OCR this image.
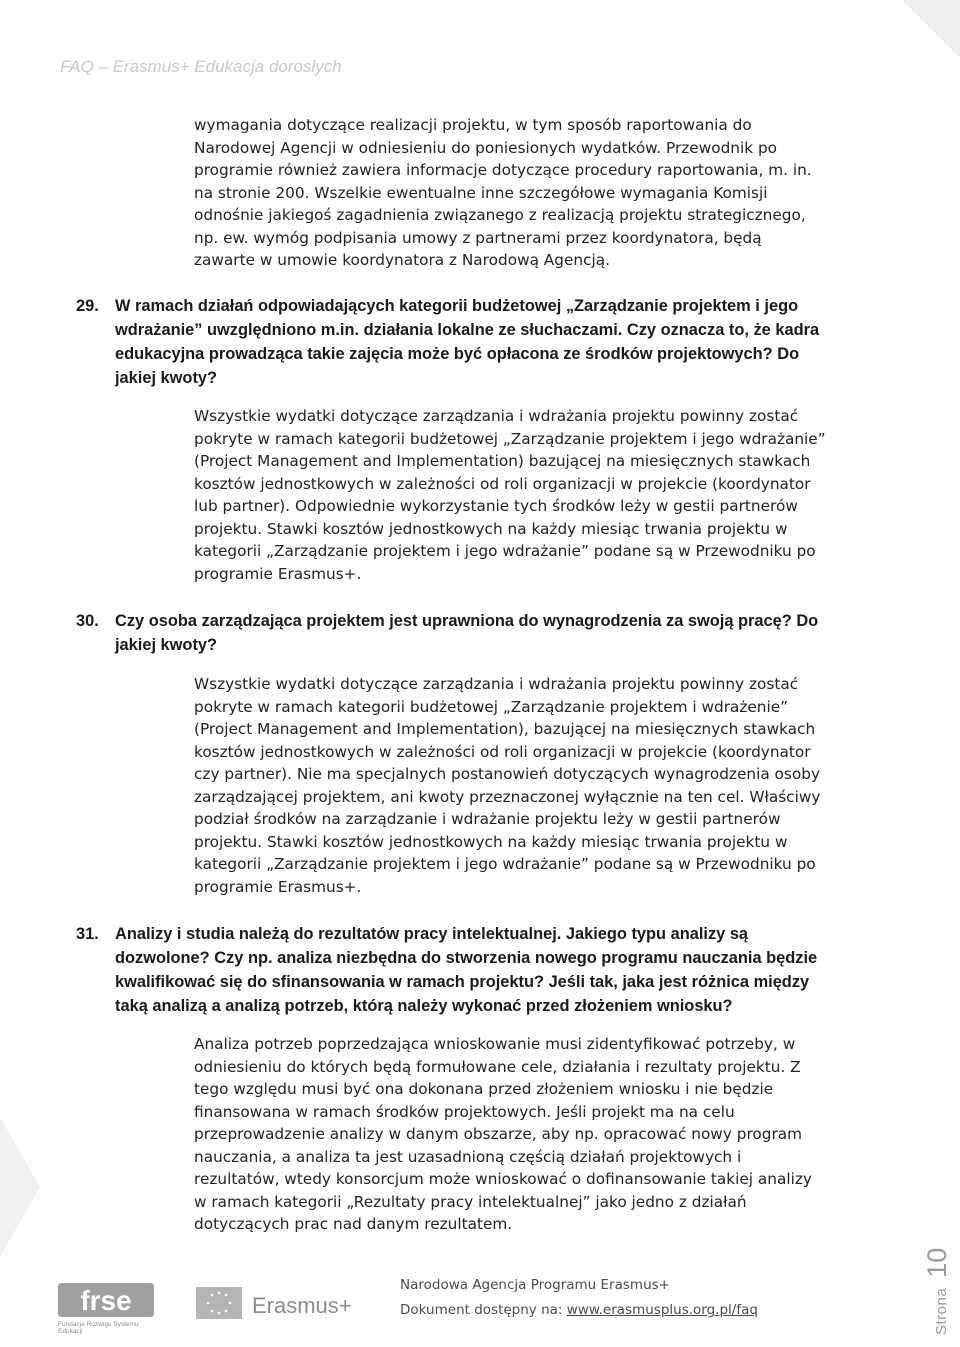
FAQ – Erasmus+ Edukacja dorosłych

wymagania dotyczące realizacji projektu, w tym sposób raportowania do

Narodowej Agencji w odniesieniu do poniesionych wydatków. Przewodnik po

programie również zawiera informacje dotyczące procedury raportowania, m. in.

na stronie 200. Wszelkie ewentualne inne szczegółowe wymagania Komisji

odnośnie jakiegoś zagadnienia związanego z realizacją projektu strategicznego,

np. ew. wymóg podpisania umowy z partnerami przez koordynatora, będą

zawarte w umowie koordynatora z Narodową Agencją.

29. W ramach działań odpowiadających kategorii budżetowej „Zarządzanie projektem i jego
wdrażanie” uwzględniono m.in. działania lokalne ze słuchaczami. Czy oznacza to, że kadra
edukacyjna prowadząca takie zajęcia może być opłacona ze środków projektowych? Do
jakiej kwoty?

Wszystkie wydatki dotyczące zarządzania i wdrażania projektu powinny zostać

pokryte w ramach kategorii budżetowej „Zarządzanie projektem i jego wdrażanie”

(Project Management and Implementation) bazującej na miesięcznych stawkach

kosztów jednostkowych w zależności od roli organizacji w projekcie (koordynator

lub partner). Odpowiednie wykorzystanie tych środków leży w gestii partnerów

projektu. Stawki kosztów jednostkowych na każdy miesiąc trwania projektu w

kategorii „Zarządzanie projektem i jego wdrażanie” podane są w Przewodniku po

programie Erasmus+.

30. Czy osoba zarządzająca projektem jest uprawniona do wynagrodzenia za swoją pracę? Do
jakiej kwoty?

Wszystkie wydatki dotyczące zarządzania i wdrażania projektu powinny zostać

pokryte w ramach kategorii budżetowej „Zarządzanie projektem i wdrażenie”

(Project Management and Implementation), bazującej na miesięcznych stawkach

kosztów jednostkowych w zależności od roli organizacji w projekcie (koordynator

czy partner). Nie ma specjalnych postanowień dotyczących wynagrodzenia osoby

zarządzającej projektem, ani kwoty przeznaczonej wyłącznie na ten cel. Właściwy

podział środków na zarządzanie i wdrażanie projektu leży w gestii partnerów

projektu. Stawki kosztów jednostkowych na każdy miesiąc trwania projektu w

kategorii „Zarządzanie projektem i jego wdrażanie” podane są w Przewodniku po

programie Erasmus+.

31. Analizy i studia należą do rezultatów pracy intelektualnej. Jakiego typu analizy są
dozwolone? Czy np. analiza niezbędna do stworzenia nowego programu nauczania będzie
kwalifikować się do sfinansowania w ramach projektu? Jeśli tak, jaka jest różnica między
taką analizą a analizą potrzeb, którą należy wykonać przed złożeniem wniosku?

Analiza potrzeb poprzedzająca wnioskowanie musi zidentyfikować potrzeby, w

odniesieniu do których będą formułowane cele, działania i rezultaty projektu. Z

tego względu musi być ona dokonana przed złożeniem wniosku i nie będzie

finansowana w ramach środków projektowych. Jeśli projekt ma na celu

przeprowadzenie analizy w danym obszarze, aby np. opracować nowy program

nauczania, a analiza ta jest uzasadnioną częścią działań projektowych i

rezultatów, wtedy konsorcjum może wnioskować o dofinansowanie takiej analizy

w ramach kategorii „Rezultaty pracy intelektualnej” jako jedno z działań

dotyczących prac nad danym rezultatem.

frse
Fundacja Rozwoju Systemu Edukacji
Erasmus+
Narodowa Agencja Programu Erasmus+
Dokument dostępny na: www.erasmusplus.org.pl/faq	Strona10
